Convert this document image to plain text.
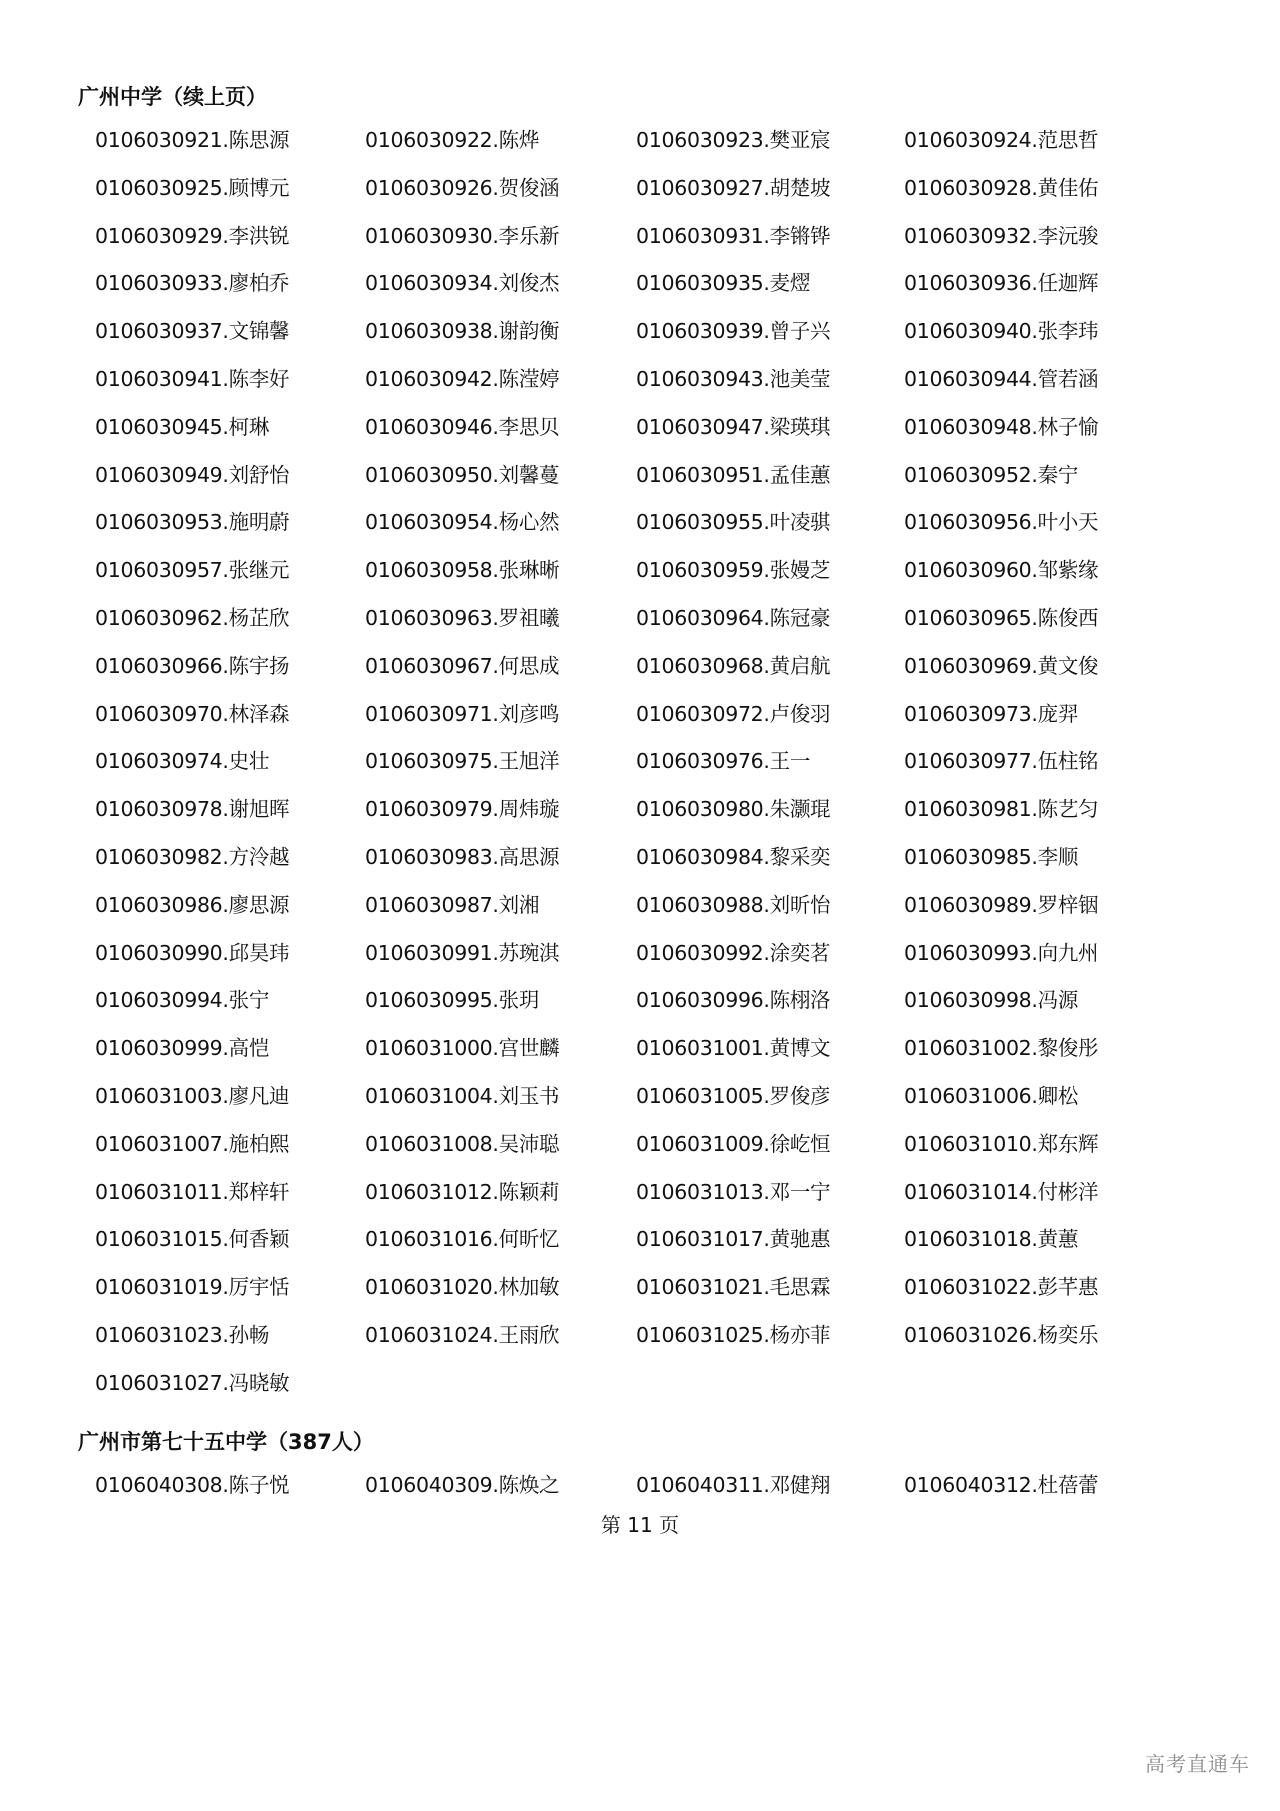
广州中学（续上页）
0106030921.陈思源	0106030922.陈烨	0106030923.樊亚宸	0106030924.范思哲
0106030925.顾博元	0106030926.贺俊涵	0106030927.胡楚坡	0106030928.黄佳佑
0106030929.李洪锐	0106030930.李乐新	0106030931.李锵铧	0106030932.李沅骏
0106030933.廖柏乔	0106030934.刘俊杰	0106030935.麦熤	0106030936.任迦辉
0106030937.文锦馨	0106030938.谢韵衡	0106030939.曾子兴	0106030940.张李玮
0106030941.陈李好	0106030942.陈滢婷	0106030943.池美莹	0106030944.管若涵
0106030945.柯琳	0106030946.李思贝	0106030947.梁瑛琪	0106030948.林子愉
0106030949.刘舒怡	0106030950.刘馨蔓	0106030951.孟佳蕙	0106030952.秦宁
0106030953.施明蔚	0106030954.杨心然	0106030955.叶凌骐	0106030956.叶小天
0106030957.张继元	0106030958.张琳晰	0106030959.张嫚芝	0106030960.邹紫缘
0106030962.杨芷欣	0106030963.罗祖曦	0106030964.陈冠豪	0106030965.陈俊西
0106030966.陈宇扬	0106030967.何思成	0106030968.黄启航	0106030969.黄文俊
0106030970.林泽森	0106030971.刘彦鸣	0106030972.卢俊羽	0106030973.庞羿
0106030974.史壮	0106030975.王旭洋	0106030976.王一	0106030977.伍柱铭
0106030978.谢旭晖	0106030979.周炜璇	0106030980.朱灏琨	0106030981.陈艺匀
0106030982.方泠越	0106030983.高思源	0106030984.黎采奕	0106030985.李顺
0106030986.廖思源	0106030987.刘湘	0106030988.刘昕怡	0106030989.罗梓铟
0106030990.邱昊玮	0106030991.苏琬淇	0106030992.涂奕茗	0106030993.向九州
0106030994.张宁	0106030995.张玥	0106030996.陈栩洛	0106030998.冯源
0106030999.高恺	0106031000.宫世麟	0106031001.黄博文	0106031002.黎俊彤
0106031003.廖凡迪	0106031004.刘玉书	0106031005.罗俊彦	0106031006.卿松
0106031007.施柏熙	0106031008.吴沛聪	0106031009.徐屹恒	0106031010.郑东辉
0106031011.郑梓轩	0106031012.陈颖莉	0106031013.邓一宁	0106031014.付彬洋
0106031015.何香颖	0106031016.何昕忆	0106031017.黄驰惠	0106031018.黄蕙
0106031019.厉宇恬	0106031020.林加敏	0106031021.毛思霖	0106031022.彭芊惠
0106031023.孙畅	0106031024.王雨欣	0106031025.杨亦菲	0106031026.杨奕乐
0106031027.冯晓敏
广州市第七十五中学（387人）
0106040308.陈子悦	0106040309.陈焕之	0106040311.邓健翔	0106040312.杜蓓蕾
第 11 页
高考直通车
